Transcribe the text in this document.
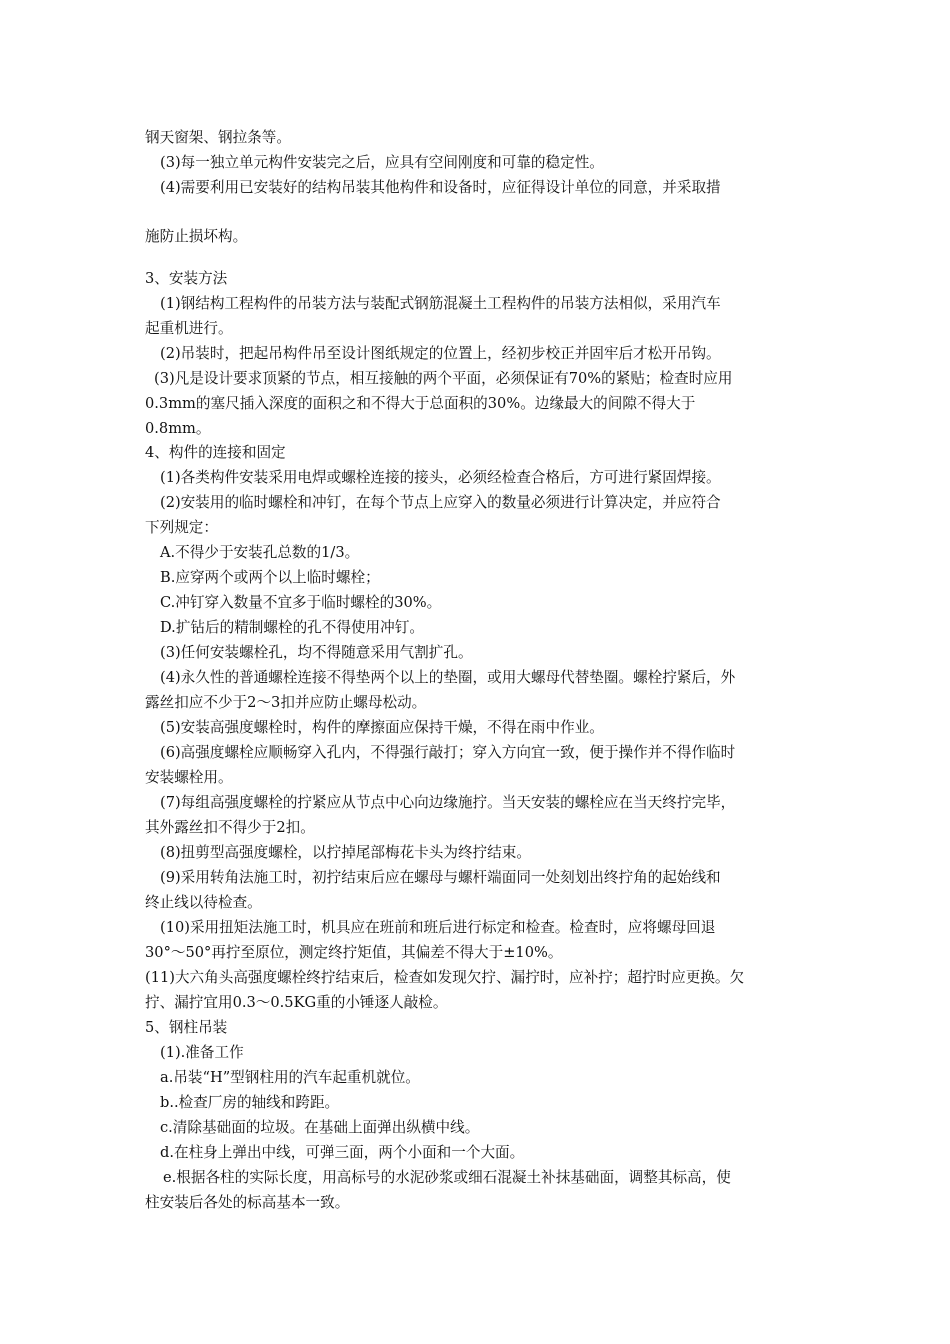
钢天窗架、钢拉条等。
(3)每一独立单元构件安装完之后，应具有空间刚度和可靠的稳定性。
(4)需要利用已安装好的结构吊装其他构件和设备时，应征得设计单位的同意，并采取措
施防止损坏构。
3、安装方法
(1)钢结构工程构件的吊装方法与装配式钢筋混凝土工程构件的吊装方法相似，采用汽车
起重机进行。
(2)吊装时，把起吊构件吊至设计图纸规定的位置上，经初步校正并固牢后才松开吊钩。
(3)凡是设计要求顶紧的节点，相互接触的两个平面，必须保证有70%的紧贴；检查时应用
0.3mm的塞尺插入深度的面积之和不得大于总面积的30%。边缘最大的间隙不得大于
0.8mm。
4、构件的连接和固定
(1)各类构件安装采用电焊或螺栓连接的接头，必须经检查合格后，方可进行紧固焊接。
(2)安装用的临时螺栓和冲钉，在每个节点上应穿入的数量必须进行计算决定，并应符合
下列规定：
A.不得少于安装孔总数的1/3。
B.应穿两个或两个以上临时螺栓；
C.冲钉穿入数量不宜多于临时螺栓的30%。
D.扩钻后的精制螺栓的孔不得使用冲钉。
(3)任何安装螺栓孔，均不得随意采用气割扩孔。
(4)永久性的普通螺栓连接不得垫两个以上的垫圈，或用大螺母代替垫圈。螺栓拧紧后，外
露丝扣应不少于2～3扣并应防止螺母松动。
(5)安装高强度螺栓时，构件的摩擦面应保持干燥，不得在雨中作业。
(6)高强度螺栓应顺畅穿入孔内，不得强行敲打；穿入方向宜一致，便于操作并不得作临时
安装螺栓用。
(7)每组高强度螺栓的拧紧应从节点中心向边缘施拧。当天安装的螺栓应在当天终拧完毕，
其外露丝扣不得少于2扣。
(8)扭剪型高强度螺栓，以拧掉尾部梅花卡头为终拧结束。
(9)采用转角法施工时，初拧结束后应在螺母与螺杆端面同一处刻划出终拧角的起始线和
终止线以待检查。
(10)采用扭矩法施工时，机具应在班前和班后进行标定和检查。检查时，应将螺母回退
30°～50°再拧至原位，测定终拧矩值，其偏差不得大于±10%。
(11)大六角头高强度螺栓终拧结束后，检查如发现欠拧、漏拧时，应补拧；超拧时应更换。欠
拧、漏拧宜用0.3～0.5KG重的小锤逐人敲检。
5、钢柱吊装
(1).准备工作
a.吊装“H”型钢柱用的汽车起重机就位。
b..检查厂房的轴线和跨距。
c.清除基础面的垃圾。在基础上面弹出纵横中线。
d.在柱身上弹出中线，可弹三面，两个小面和一个大面。
e.根据各柱的实际长度，用高标号的水泥砂浆或细石混凝土补抹基础面，调整其标高，使
柱安装后各处的标高基本一致。
